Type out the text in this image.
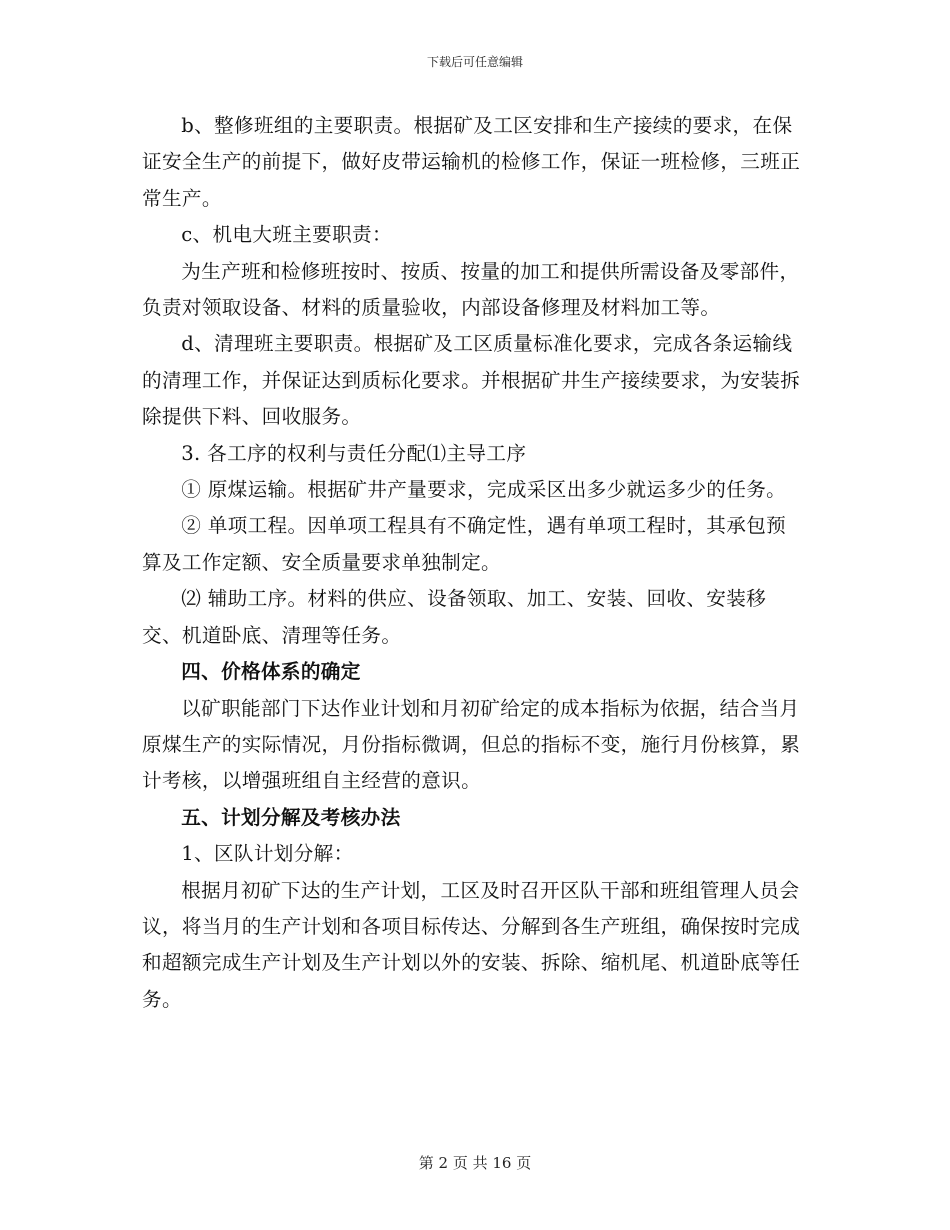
下载后可任意编辑

b、整修班组的主要职责。根据矿及工区安排和生产接续的要求，在保证安全生产的前提下，做好皮带运输机的检修工作，保证一班检修，三班正常生产。

c、机电大班主要职责：

为生产班和检修班按时、按质、按量的加工和提供所需设备及零部件，负责对领取设备、材料的质量验收，内部设备修理及材料加工等。

d、清理班主要职责。根据矿及工区质量标准化要求，完成各条运输线的清理工作，并保证达到质标化要求。并根据矿井生产接续要求，为安装拆除提供下料、回收服务。

3. 各工序的权利与责任分配⑴主导工序

① 原煤运输。根据矿井产量要求，完成采区出多少就运多少的任务。

② 单项工程。因单项工程具有不确定性，遇有单项工程时，其承包预算及工作定额、安全质量要求单独制定。

⑵ 辅助工序。材料的供应、设备领取、加工、安装、回收、安装移交、机道卧底、清理等任务。

四、价格体系的确定

以矿职能部门下达作业计划和月初矿给定的成本指标为依据，结合当月原煤生产的实际情况，月份指标微调，但总的指标不变，施行月份核算，累计考核，以增强班组自主经营的意识。

五、计划分解及考核办法

1、区队计划分解：

根据月初矿下达的生产计划，工区及时召开区队干部和班组管理人员会议，将当月的生产计划和各项目标传达、分解到各生产班组，确保按时完成和超额完成生产计划及生产计划以外的安装、拆除、缩机尾、机道卧底等任务。

第 2 页 共 16 页
